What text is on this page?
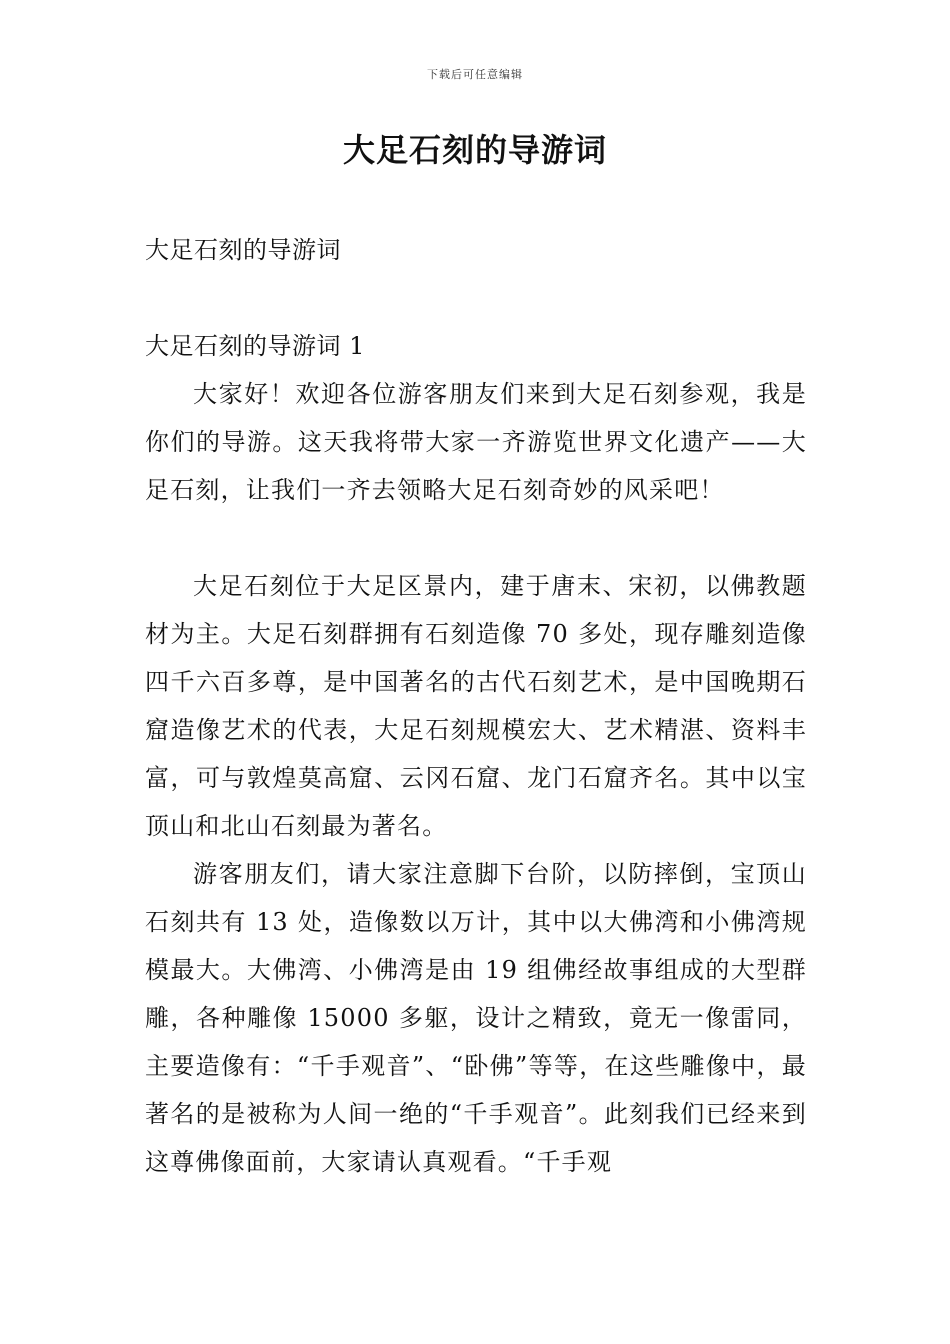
下载后可任意编辑
大足石刻的导游词

大足石刻的导游词

大足石刻的导游词 1

大家好！欢迎各位游客朋友们来到大足石刻参观，我是你们的导游。这天我将带大家一齐游览世界文化遗产——大足石刻，让我们一齐去领略大足石刻奇妙的风采吧！

大足石刻位于大足区景内，建于唐末、宋初，以佛教题材为主。大足石刻群拥有石刻造像 70 多处，现存雕刻造像四千六百多尊，是中国著名的古代石刻艺术，是中国晚期石窟造像艺术的代表，大足石刻规模宏大、艺术精湛、资料丰富，可与敦煌莫高窟、云冈石窟、龙门石窟齐名。其中以宝顶山和北山石刻最为著名。

游客朋友们，请大家注意脚下台阶，以防摔倒，宝顶山石刻共有 13 处，造像数以万计，其中以大佛湾和小佛湾规模最大。大佛湾、小佛湾是由 19 组佛经故事组成的大型群雕，各种雕像 15000 多躯，设计之精致，竟无一像雷同，主要造像有：“千手观音”、“卧佛”等等，在这些雕像中，最著名的是被称为人间一绝的“千手观音”。此刻我们已经来到这尊佛像面前，大家请认真观看。“千手观
